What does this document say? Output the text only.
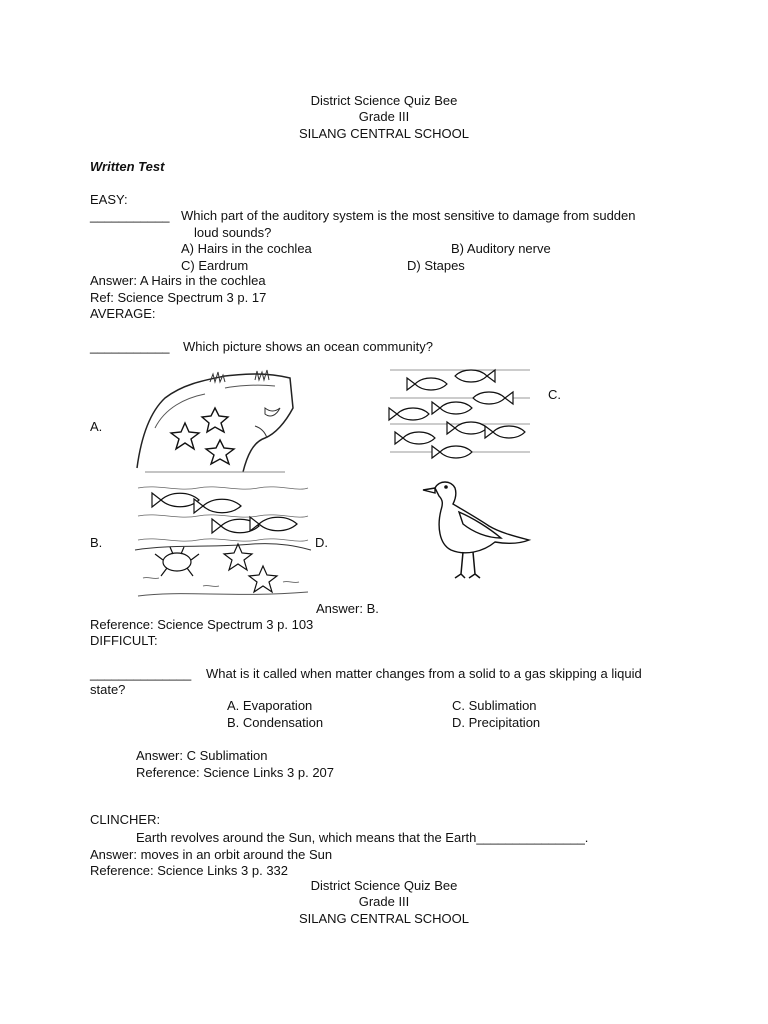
District Science Quiz Bee
Grade III
SILANG CENTRAL SCHOOL
Written Test
EASY:
___________ Which part of the auditory system is the most sensitive to damage from sudden
loud sounds?
A) Hairs in the cochlea	B) Auditory nerve
C) Eardrum	D) Stapes
Answer: A Hairs in the cochlea
Ref: Science Spectrum 3 p. 17
AVERAGE:
___________ Which picture shows an ocean community?
A.
C.
B.	D.
Answer: B.
Reference: Science Spectrum 3 p. 103
DIFFICULT:
______________ What is it called when matter changes from a solid to a gas skipping a liquid
state?
A. Evaporation	C. Sublimation
B. Condensation	D. Precipitation
Answer: C Sublimation
Reference: Science Links 3 p. 207
CLINCHER:
Earth revolves around the Sun, which means that the Earth_______________.
Answer: moves in an orbit around the Sun
Reference: Science Links 3 p. 332
District Science Quiz Bee
Grade III
SILANG CENTRAL SCHOOL
